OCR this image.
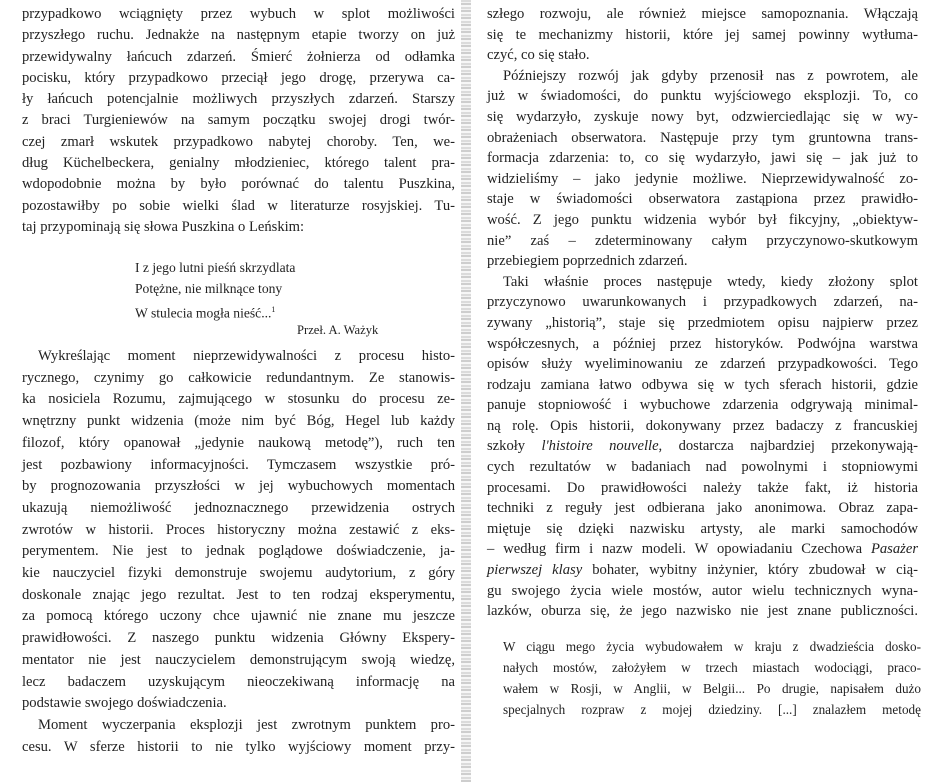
przypadkowo wciągnięty przez wybuch w splot możliwości
przyszłego ruchu. Jednakże na następnym etapie tworzy on już
przewidywalny łańcuch zdarzeń. Śmierć żołnierza od odłamka
pocisku, który przypadkowo przeciął jego drogę, przerywa ca-
ły łańcuch potencjalnie możliwych przyszłych zdarzeń. Starszy
z braci Turgieniewów na samym początku swojej drogi twór-
czej zmarł wskutek przypadkowo nabytej choroby. Ten, we-
dług Küchelbeckera, genialny młodzieniec, którego talent pra-
wdopodobnie można by było porównać do talentu Puszkina,
pozostawiłby po sobie wielki ślad w literaturze rosyjskiej. Tu-
taj przypominają się słowa Puszkina o Leńskim:
I z jego lutni pieśń skrzydlata
Potężne, nie milknące tony
W stulecia mogła nieść...$^1$
Przeł. A. Ważyk
Wykreślając moment nieprzewidywalności z procesu histo-
rycznego, czynimy go całkowicie redundantnym. Ze stanowis-
ka nosiciela Rozumu, zajmującego w stosunku do procesu ze-
wnętrzny punkt widzenia (może nim być Bóg, Hegel lub każdy
filozof, który opanował „jedynie naukową metodę”), ruch ten
jest pozbawiony informacyjności. Tymczasem wszystkie pró-
by prognozowania przyszłości w jej wybuchowych momentach
ukazują niemożliwość jednoznacznego przewidzenia ostrych
zwrotów w historii. Proces historyczny można zestawić z eks-
perymentem. Nie jest to jednak poglądowe doświadczenie, ja-
kie nauczyciel fizyki demonstruje swojemu audytorium, z góry
doskonale znając jego rezultat. Jest to ten rodzaj eksperymentu,
za pomocą którego uczony chce ujawnić nie znane mu jeszcze
prawidłowości. Z naszego punktu widzenia Główny Ekspery-
mentator nie jest nauczycielem demonstrującym swoją wiedzę,
lecz badaczem uzyskującym nieoczekiwaną informację na
podstawie swojego doświadczenia.
Moment wyczerpania eksplozji jest zwrotnym punktem pro-
cesu. W sferze historii to nie tylko wyjściowy moment przy-
szłego rozwoju, ale również miejsce samopoznania. Włączają
się te mechanizmy historii, które jej samej powinny wytłuma-
czyć, co się stało.
Późniejszy rozwój jak gdyby przenosił nas z powrotem, ale
już w świadomości, do punktu wyjściowego eksplozji. To, co
się wydarzyło, zyskuje nowy byt, odzwierciedlając się w wy-
obrażeniach obserwatora. Następuje przy tym gruntowna trans-
formacja zdarzenia: to, co się wydarzyło, jawi się – jak już to
widzieliśmy – jako jedynie możliwe. Nieprzewidywalność zo-
staje w świadomości obserwatora zastąpiona przez prawidło-
wość. Z jego punktu widzenia wybór był fikcyjny, „obiektyw-
nie” zaś – zdeterminowany całym przyczynowo-skutkowym
przebiegiem poprzednich zdarzeń.
Taki właśnie proces następuje wtedy, kiedy złożony splot
przyczynowo uwarunkowanych i przypadkowych zdarzeń, na-
zywany „historią”, staje się przedmiotem opisu najpierw przez
współczesnych, a później przez historyków. Podwójna warstwa
opisów służy wyeliminowaniu ze zdarzeń przypadkowości. Tego
rodzaju zamiana łatwo odbywa się w tych sferach historii, gdzie
panuje stopniowość i wybuchowe zdarzenia odgrywają minimal-
ną rolę. Opis historii, dokonywany przez badaczy z francuskiej
szkoły l'histoire nouvelle, dostarcza najbardziej przekonywają-
cych rezultatów w badaniach nad powolnymi i stopniowymi
procesami. Do prawidłowości należy także fakt, iż historia
techniki z reguły jest odbierana jako anonimowa. Obraz zapa-
miętuje się dzięki nazwisku artysty, ale marki samochodów
– według firm i nazw modeli. W opowiadaniu Czechowa Pasażer
pierwszej klasy bohater, wybitny inżynier, który zbudował w cią-
gu swojego życia wiele mostów, autor wielu technicznych wyna-
lazków, oburza się, że jego nazwisko nie jest znane publiczności.
W ciągu mego życia wybudowałem w kraju z dwadzieścia dosko-
nałych mostów, założyłem w trzech miastach wodociągi, praco-
wałem w Rosji, w Anglii, w Belgii... Po drugie, napisałem dużo
specjalnych rozpraw z mojej dziedziny. [...] znalazłem metodę
